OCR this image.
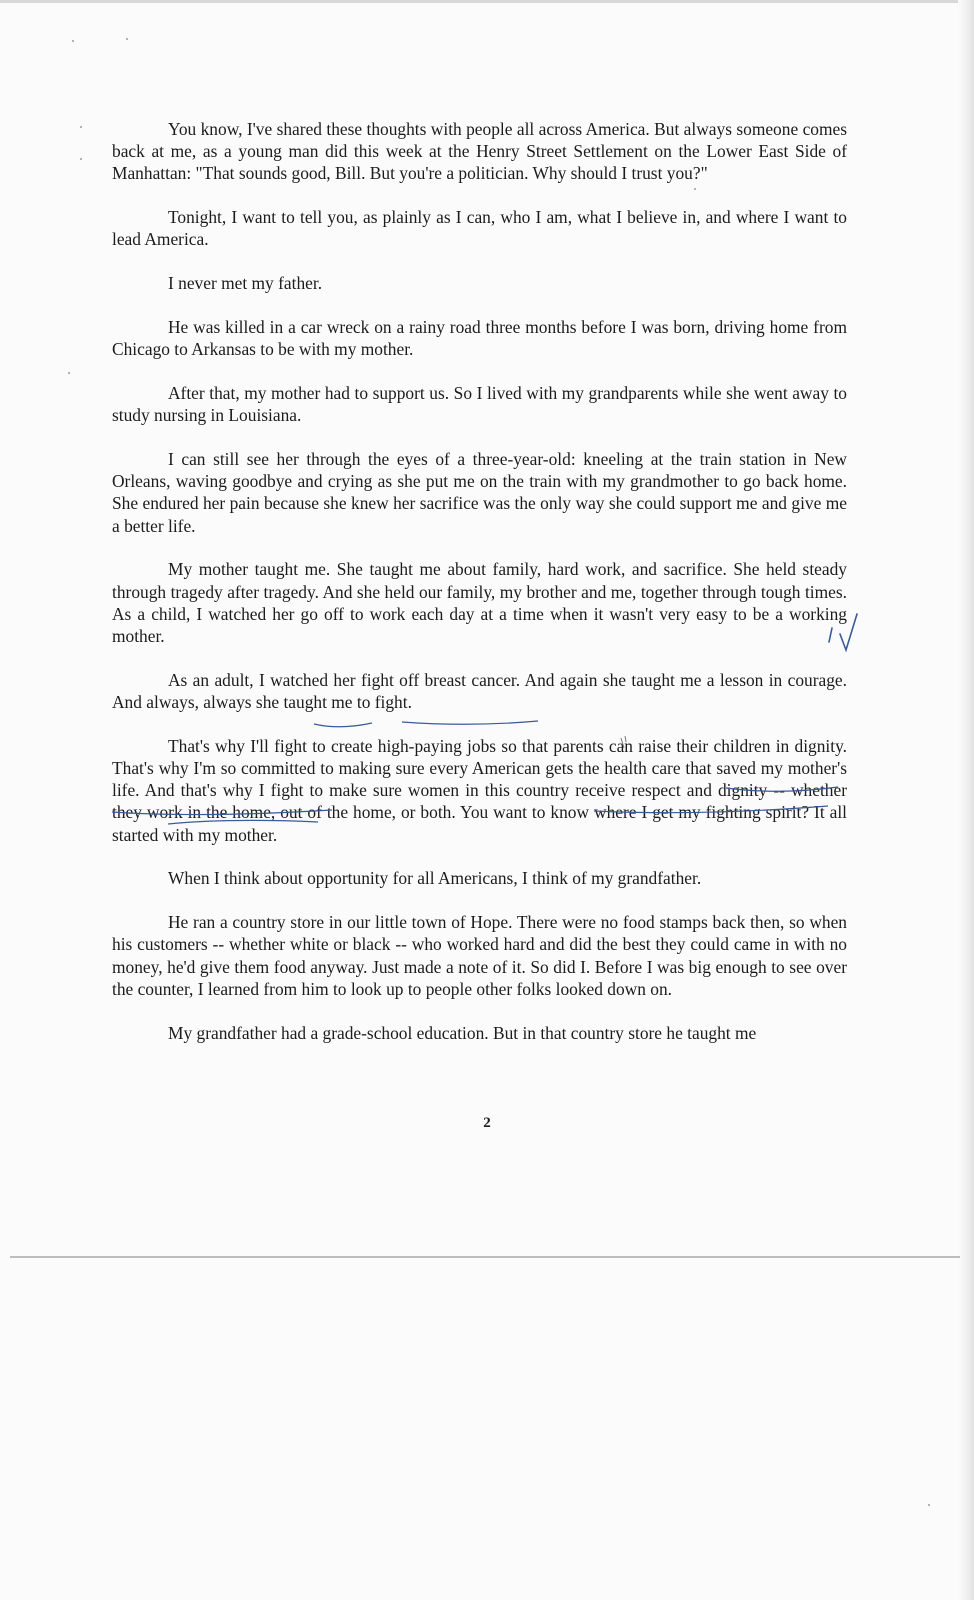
You know, I've shared these thoughts with people all across America. But always someone comes back at me, as a young man did this week at the Henry Street Settlement on the Lower East Side of Manhattan: "That sounds good, Bill. But you're a politician. Why should I trust you?"

Tonight, I want to tell you, as plainly as I can, who I am, what I believe in, and where I want to lead America.

I never met my father.

He was killed in a car wreck on a rainy road three months before I was born, driving home from Chicago to Arkansas to be with my mother.

After that, my mother had to support us. So I lived with my grandparents while she went away to study nursing in Louisiana.

I can still see her through the eyes of a three-year-old: kneeling at the train station in New Orleans, waving goodbye and crying as she put me on the train with my grandmother to go back home. She endured her pain because she knew her sacrifice was the only way she could support me and give me a better life.

My mother taught me. She taught me about family, hard work, and sacrifice. She held steady through tragedy after tragedy. And she held our family, my brother and me, together through tough times. As a child, I watched her go off to work each day at a time when it wasn't very easy to be a working mother.

As an adult, I watched her fight off breast cancer. And again she taught me a lesson in courage. And always, always she taught me to fight.

That's why I'll fight to create high-paying jobs so that parents can raise their children in dignity. That's why I'm so committed to making sure every American gets the health care that saved my mother's life. And that's why I fight to make sure women in this country receive respect and dignity -- whether they work in the home, out of the home, or both. You want to know where I get my fighting spirit? It all started with my mother.

When I think about opportunity for all Americans, I think of my grandfather.

He ran a country store in our little town of Hope. There were no food stamps back then, so when his customers -- whether white or black -- who worked hard and did the best they could came in with no money, he'd give them food anyway. Just made a note of it. So did I. Before I was big enough to see over the counter, I learned from him to look up to people other folks looked down on.

My grandfather had a grade-school education. But in that country store he taught me

2
